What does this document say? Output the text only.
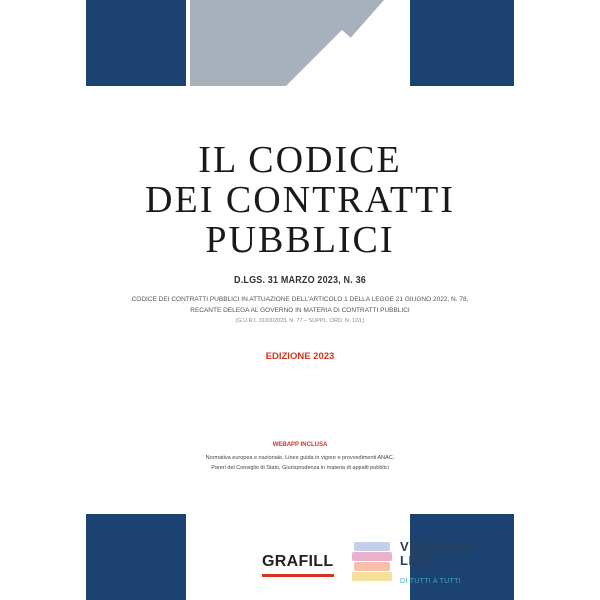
IL CODICE
DEI CONTRATTI
PUBBLICI
D.LGS. 31 MARZO 2023, N. 36
CODICE DEI CONTRATTI PUBBLICI IN ATTUAZIONE DELL'ARTICOLO 1 DELLA LEGGE 21 GIUGNO 2022, N. 78,
RECANTE DELEGA AL GOVERNO IN MATERIA DI CONTRATTI PUBBLICI
(G.U.R.I. 31/03/2023, N. 77 – SUPPL. ORD. N. 12/L)
EDIZIONE 2023
WEBAPP INCLUSA
Normativa europea e nazionale, Linee guida in vigore e provvedimenti ANAC,
Pareri del Consiglio di Stato, Giurisprudenza in materia di appalti pubblici
GRAFILL
VENDIAMO
LIBRI
DI TUTTI A TUTTI
